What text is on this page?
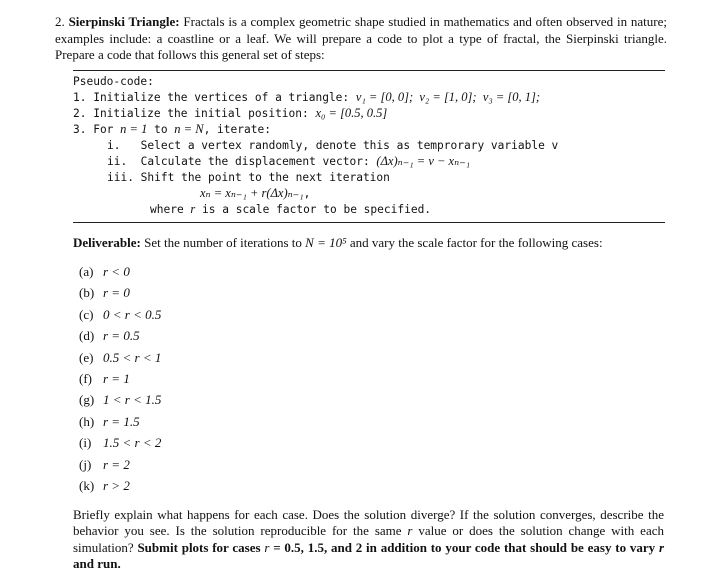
2. Sierpinski Triangle: Fractals is a complex geometric shape studied in mathematics and often observed in nature; examples include: a coastline or a leaf. We will prepare a code to plot a type of fractal, the Sierpinski triangle. Prepare a code that follows this general set of steps:
Pseudo-code:
1. Initialize the vertices of a triangle: v₁ = [0, 0];  v₂ = [1, 0];  v₃ = [0, 1];
2. Initialize the initial position: x₀ = [0.5, 0.5]
3. For n = 1 to n = N, iterate:
i.   Select a vertex randomly, denote this as temprorary variable v
ii.  Calculate the displacement vector: (Δx)ₙ₋₁ = v − xₙ₋₁
iii. Shift the point to the next iteration
xₙ = xₙ₋₁ + r(Δx)ₙ₋₁,
where r is a scale factor to be specified.
Deliverable: Set the number of iterations to N = 10⁵ and vary the scale factor for the following cases:
(a) r < 0
(b) r = 0
(c) 0 < r < 0.5
(d) r = 0.5
(e) 0.5 < r < 1
(f) r = 1
(g) 1 < r < 1.5
(h) r = 1.5
(i) 1.5 < r < 2
(j) r = 2
(k) r > 2
Briefly explain what happens for each case. Does the solution diverge? If the solution converges, describe the behavior you see. Is the solution reproducible for the same r value or does the solution change with each simulation? Submit plots for cases r = 0.5, 1.5, and 2 in addition to your code that should be easy to vary r and run.
